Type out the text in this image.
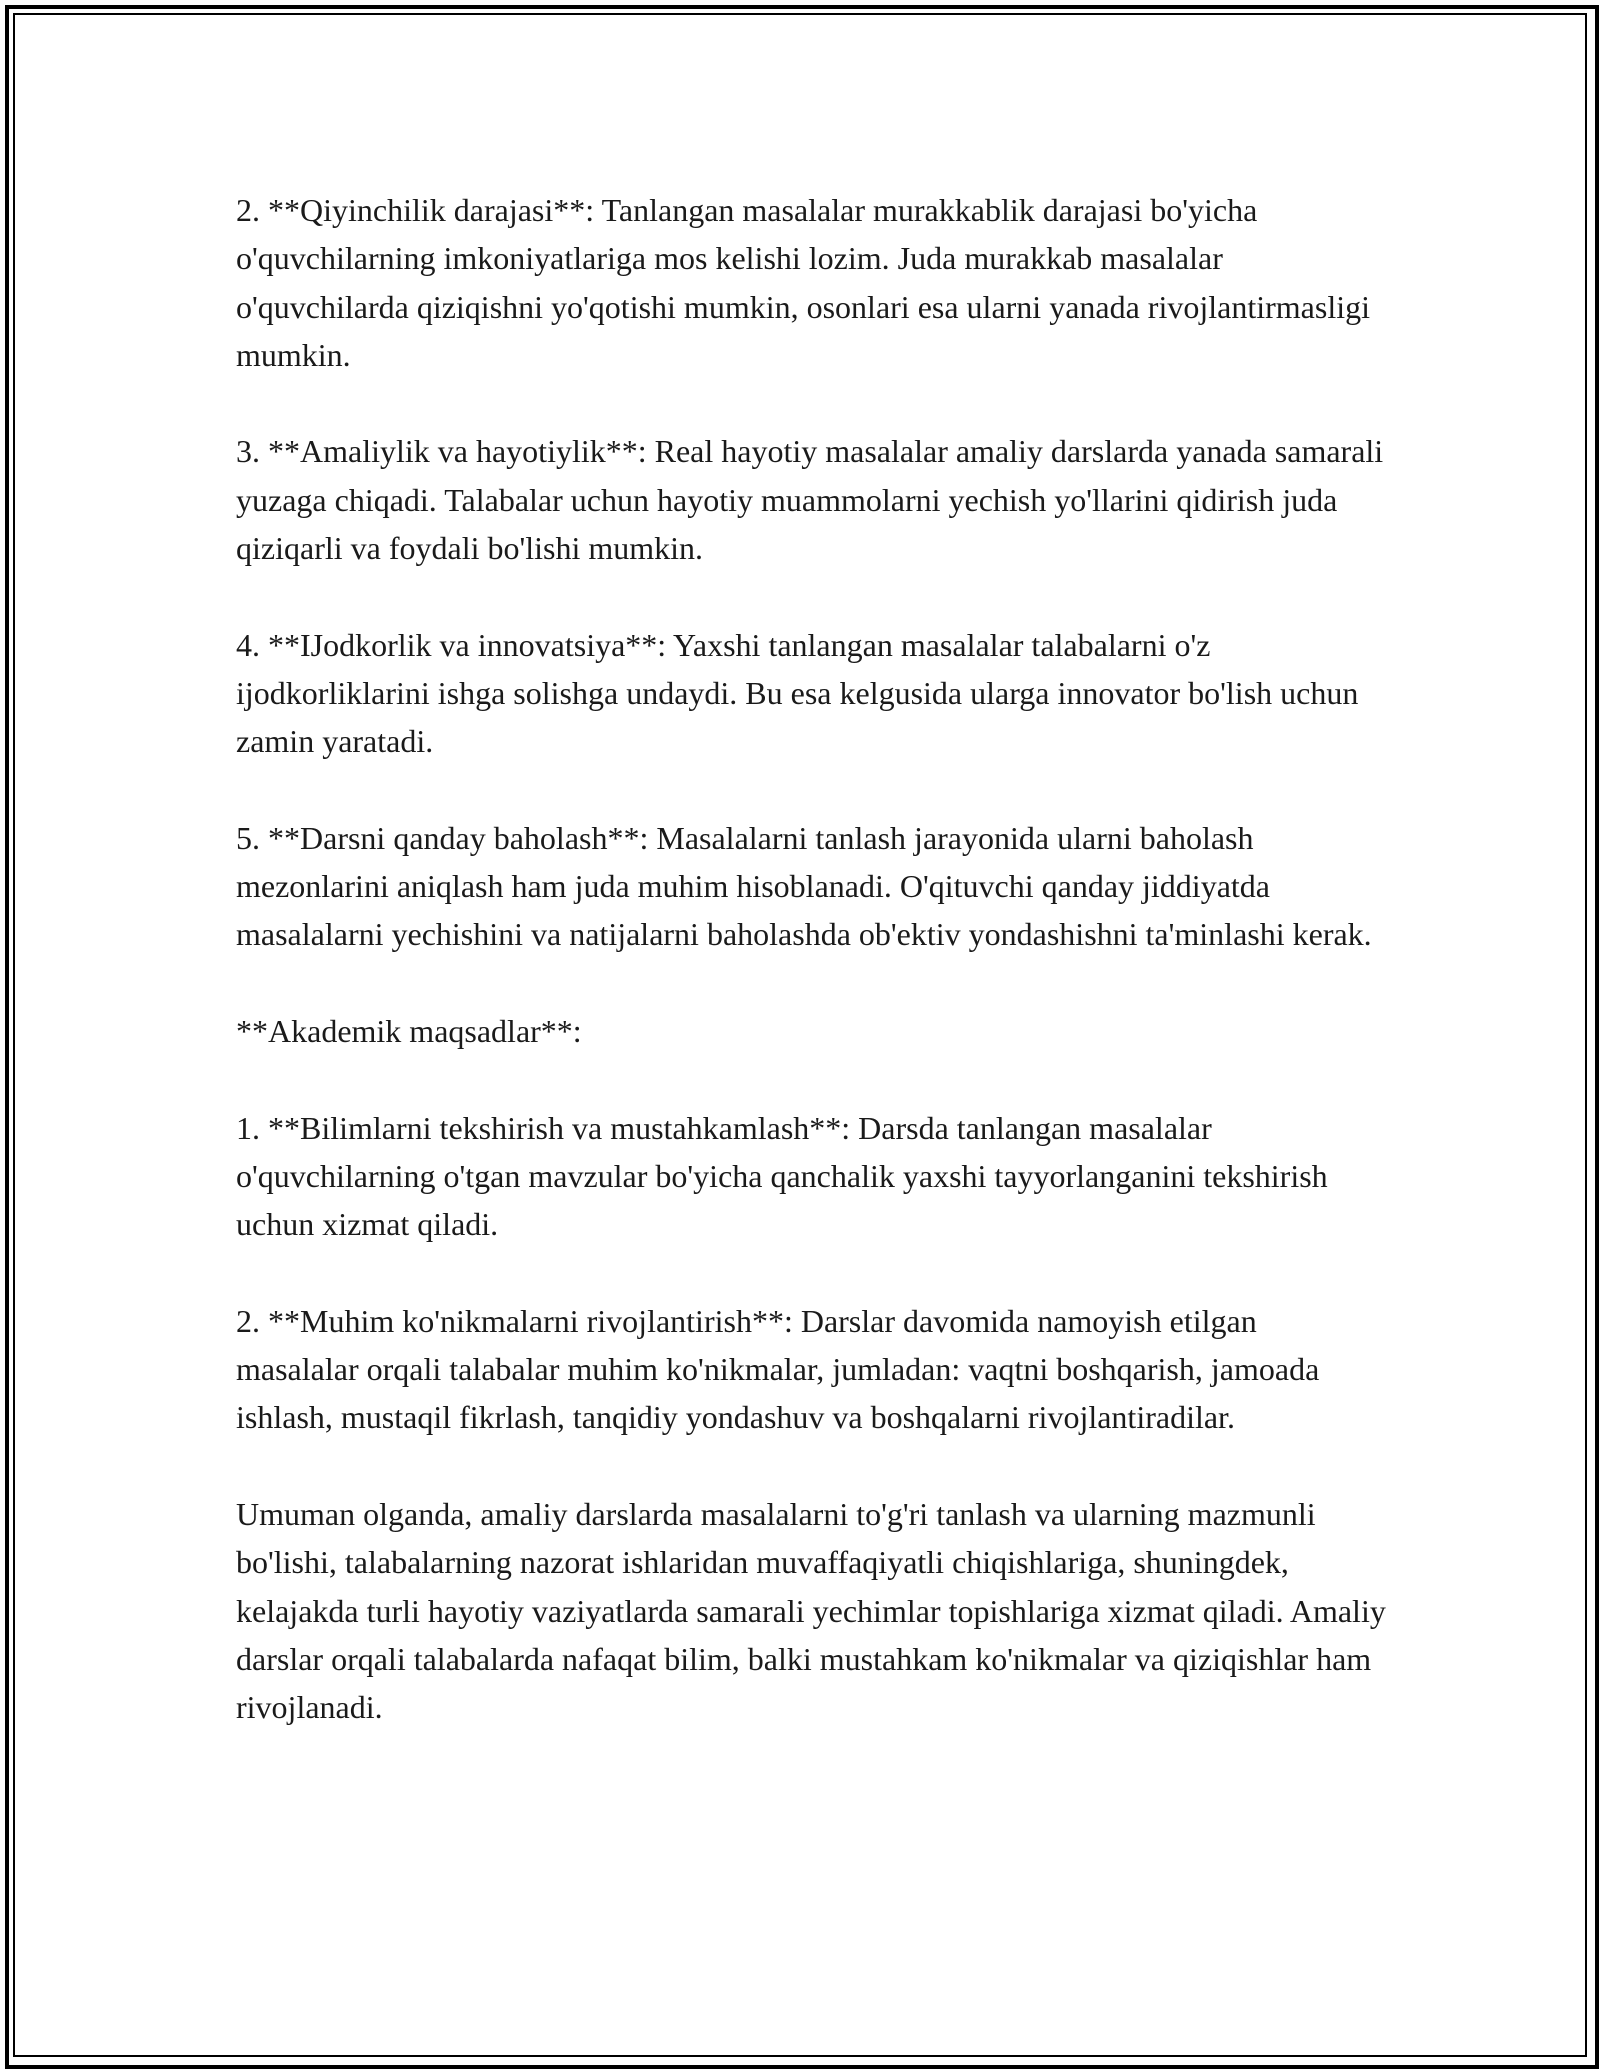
2. **Qiyinchilik darajasi**: Tanlangan masalalar murakkablik darajasi bo'yicha o'quvchilarning imkoniyatlariga mos kelishi lozim. Juda murakkab masalalar o'quvchilarda qiziqishni yo'qotishi mumkin, osonlari esa ularni yanada rivojlantirmasligi mumkin.

3. **Amaliylik va hayotiylik**: Real hayotiy masalalar amaliy darslarda yanada samarali yuzaga chiqadi. Talabalar uchun hayotiy muammolarni yechish yo'llarini qidirish juda qiziqarli va foydali bo'lishi mumkin.

4. **IJodkorlik va innovatsiya**: Yaxshi tanlangan masalalar talabalarni o'z ijodkorliklarini ishga solishga undaydi. Bu esa kelgusida ularga innovator bo'lish uchun zamin yaratadi.

5. **Darsni qanday baholash**: Masalalarni tanlash jarayonida ularni baholash mezonlarini aniqlash ham juda muhim hisoblanadi. O'qituvchi qanday jiddiyatda masalalarni yechishini va natijalarni baholashda ob'ektiv yondashishni ta'minlashi kerak.

**Akademik maqsadlar**:

1. **Bilimlarni tekshirish va mustahkamlash**: Darsda tanlangan masalalar o'quvchilarning o'tgan mavzular bo'yicha qanchalik yaxshi tayyorlanganini tekshirish uchun xizmat qiladi.

2. **Muhim ko'nikmalarni rivojlantirish**: Darslar davomida namoyish etilgan masalalar orqali talabalar muhim ko'nikmalar, jumladan: vaqtni boshqarish, jamoada ishlash, mustaqil fikrlash, tanqidiy yondashuv va boshqalarni rivojlantiradilar.

Umuman olganda, amaliy darslarda masalalarni to'g'ri tanlash va ularning mazmunli bo'lishi, talabalarning nazorat ishlaridan muvaffaqiyatli chiqishlariga, shuningdek, kelajakda turli hayotiy vaziyatlarda samarali yechimlar topishlariga xizmat qiladi. Amaliy darslar orqali talabalarda nafaqat bilim, balki mustahkam ko'nikmalar va qiziqishlar ham rivojlanadi.
